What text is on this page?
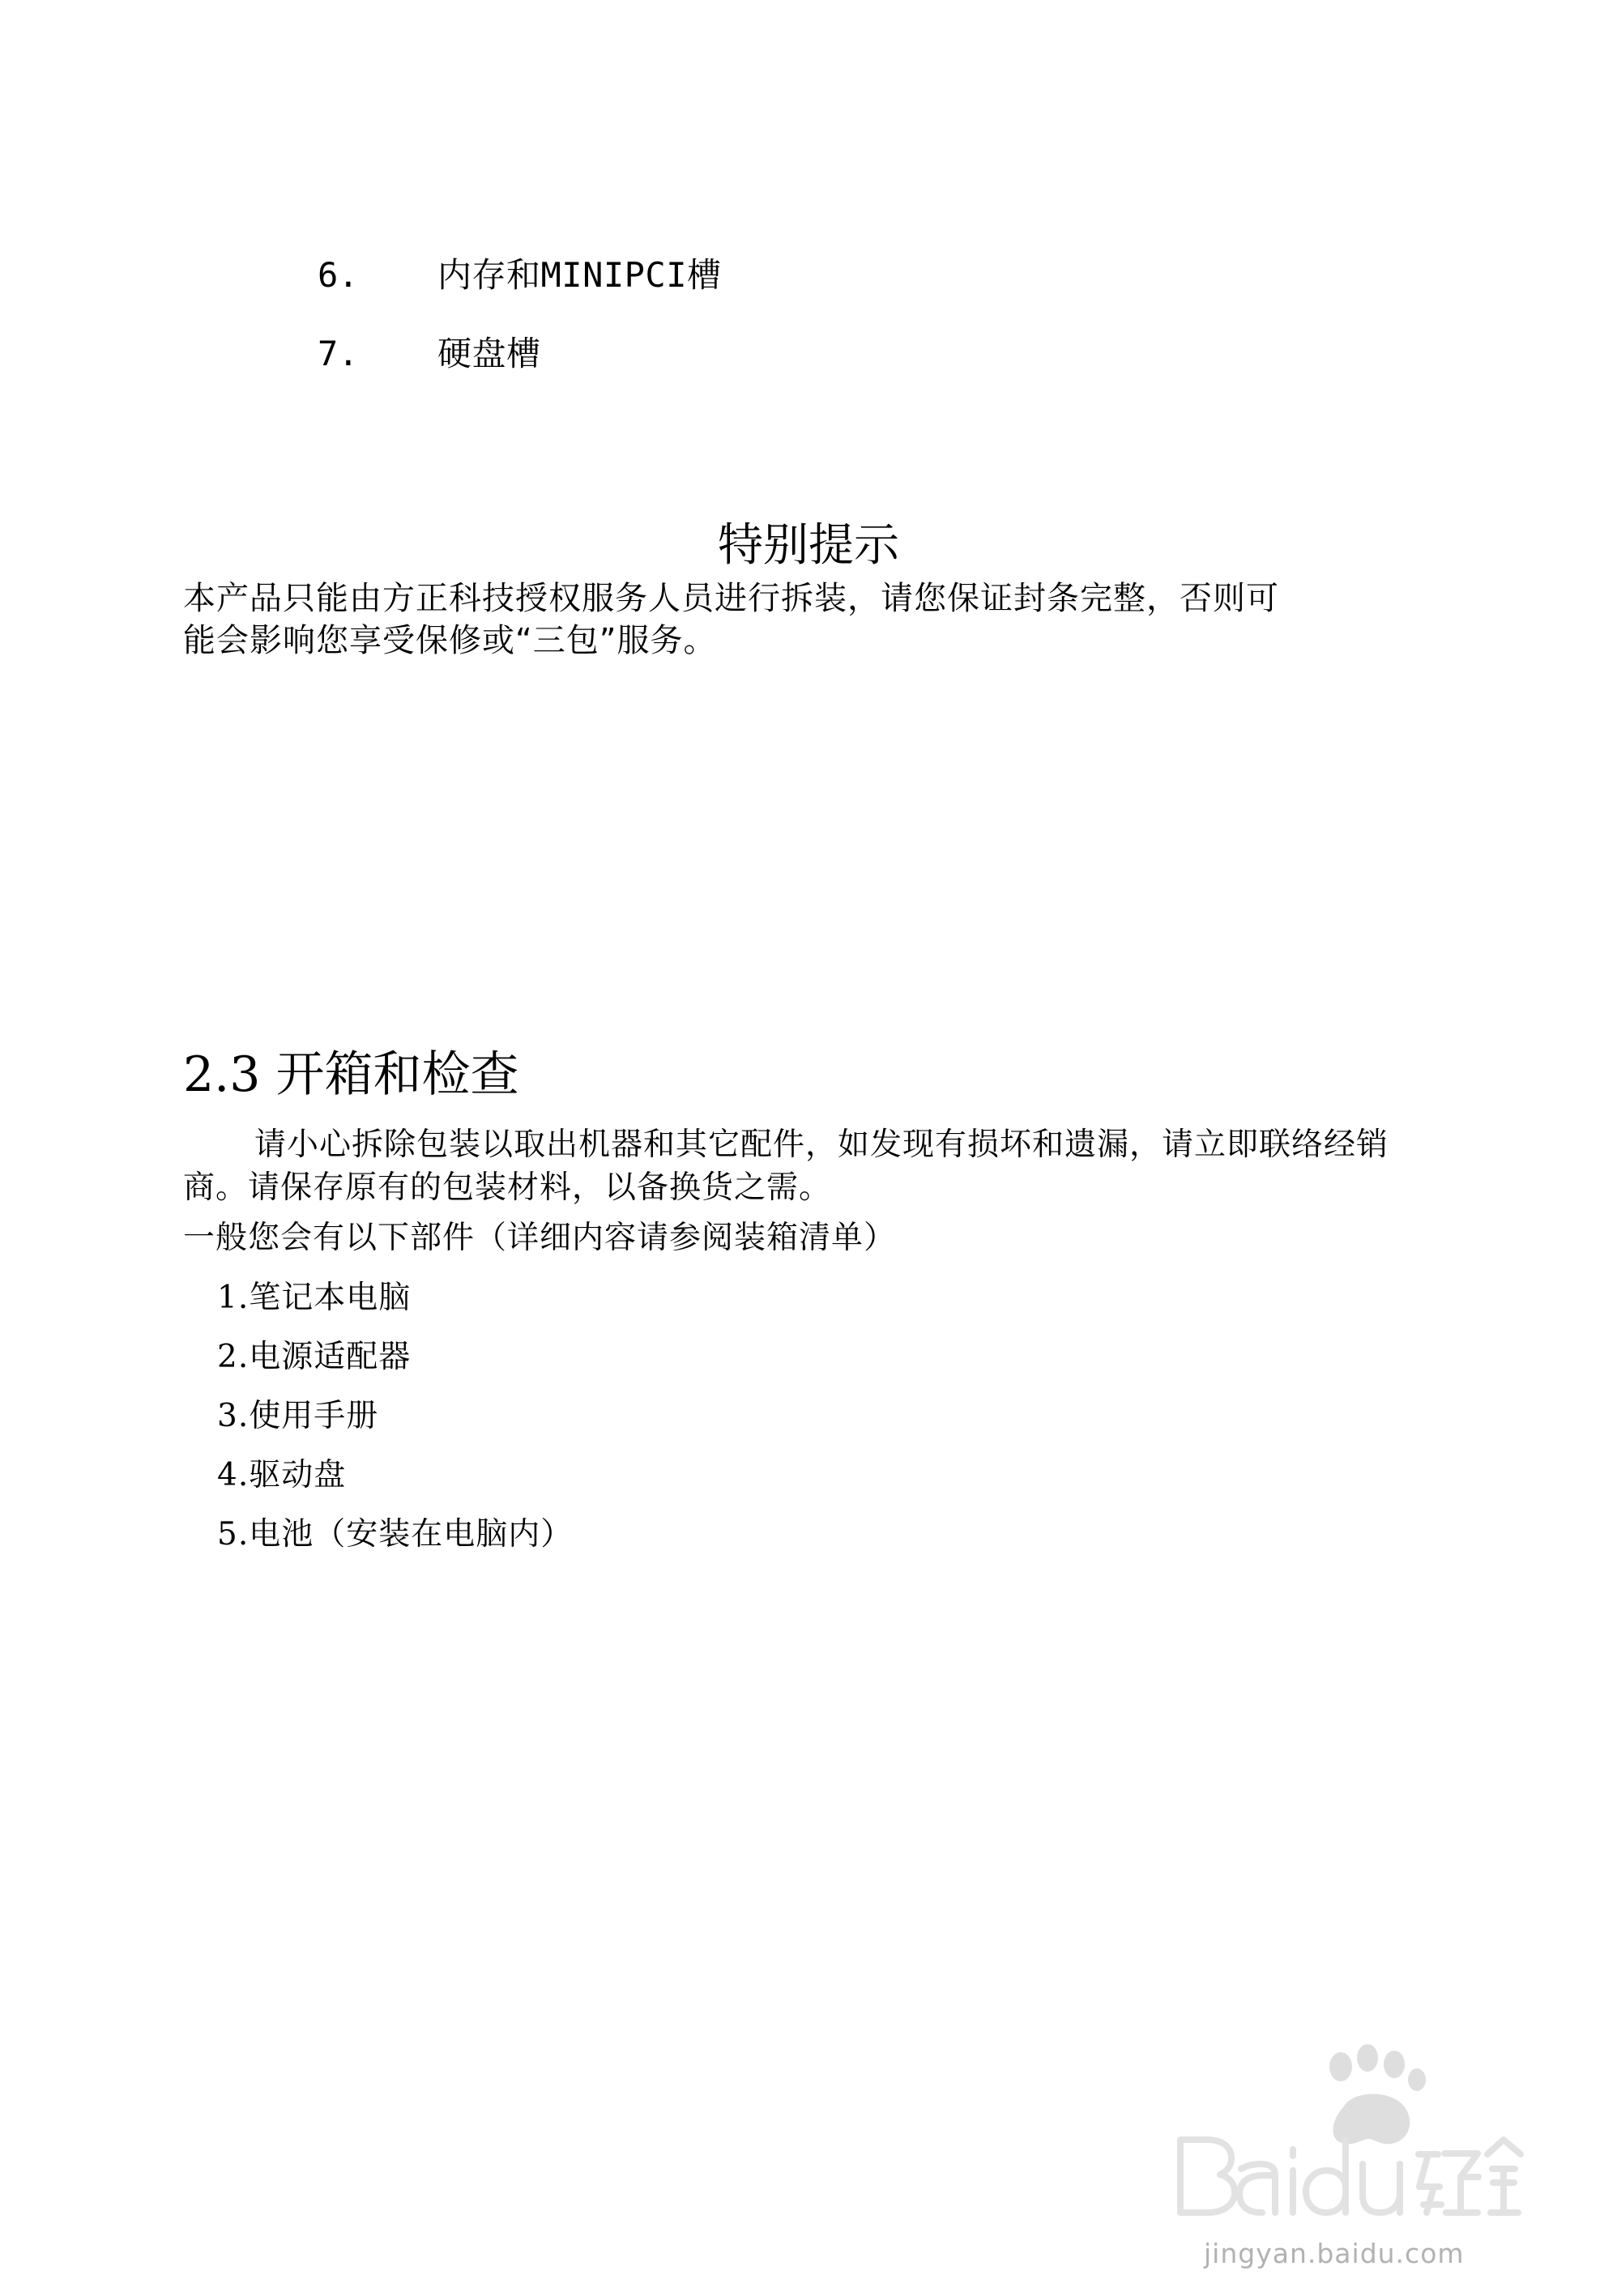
6.	内存和MINIPCI槽
7.	硬盘槽
特别提示
本产品只能由方正科技授权服务人员进行拆装，请您保证封条完整，否则可
能会影响您享受保修或“三包”服务。
2.3 开箱和检查
请小心拆除包装以取出机器和其它配件，如发现有损坏和遗漏，请立即联络经销商。请保存原有的包装材料，以备换货之需。
一般您会有以下部件（详细内容请参阅装箱清单）
1.笔记本电脑
2.电源适配器
3.使用手册
4.驱动盘
5.电池（安装在电脑内）
jingyan.baidu.com
